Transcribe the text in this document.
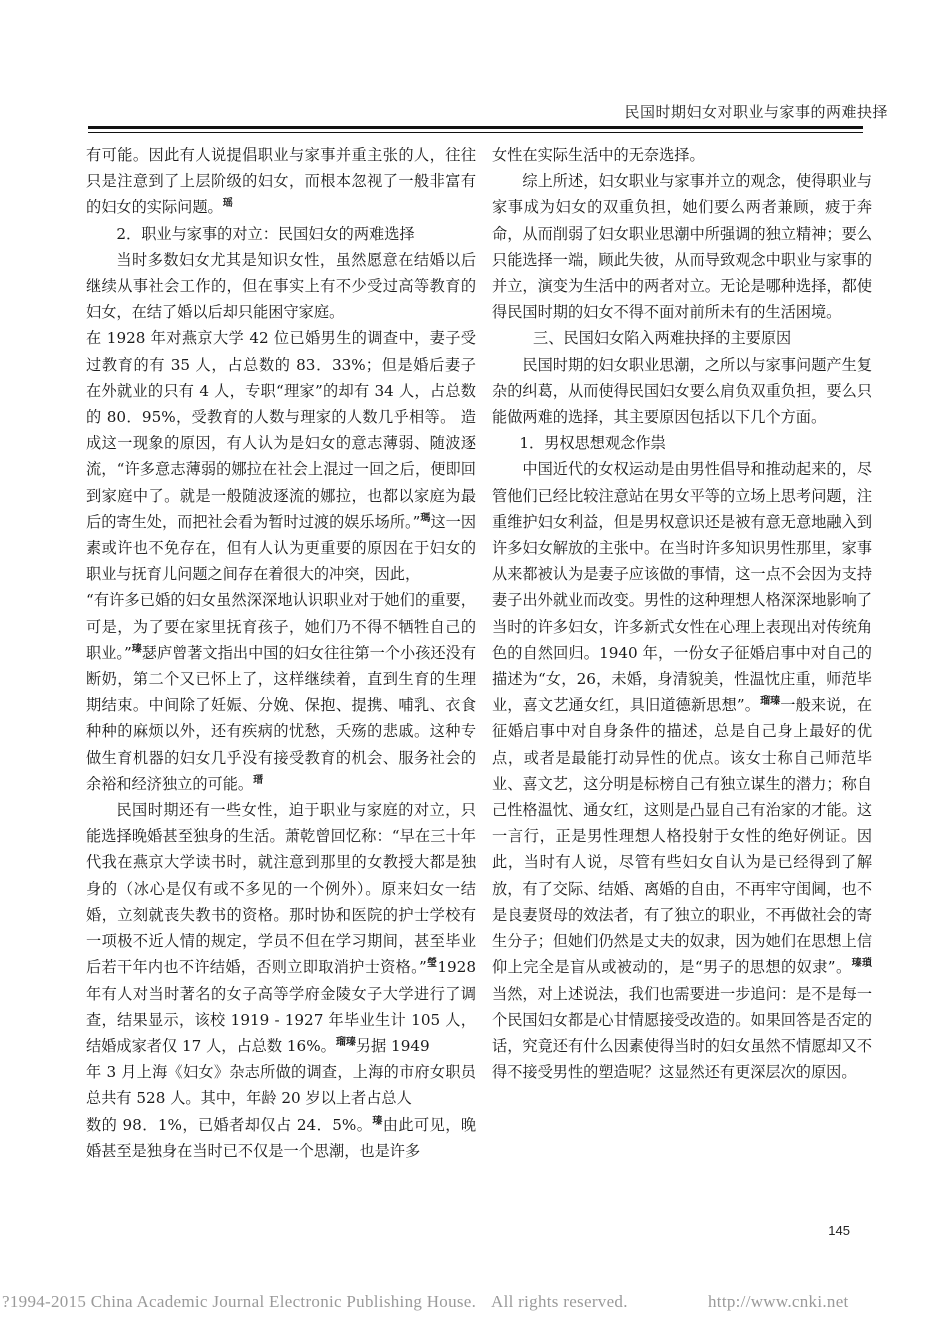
民国时期妇女对职业与家事的两难抉择

有可能。因此有人说提倡职业与家事并重主张的人，往往只是注意到了上层阶级的妇女，而根本忽视了一般非富有的妇女的实际问题。$^瑶$

2．职业与家事的对立：民国妇女的两难选择

当时多数妇女尤其是知识女性，虽然愿意在结婚以后继续从事社会工作的，但在事实上有不少受过高等教育的妇女，在结了婚以后却只能困守家庭。

在 1928 年对燕京大学 42 位已婚男生的调查中，妻子受过教育的有 35 人，占总数的 83．33%；但是婚后妻子在外就业的只有 4 人，专职“理家”的却有 34 人，占总数的 80．95%，受教育的人数与理家的人数几乎相等。 造成这一现象的原因，有人认为是妇女的意志薄弱、随波逐流，“许多意志薄弱的娜拉在社会上混过一回之后，便即回到家庭中了。就是一般随波逐流的娜拉，也都以家庭为最后的寄生处，而把社会看为暂时过渡的娱乐场所。”$^瑪$这一因素或许也不免存在，但有人认为更重要的原因在于妇女的职业与抚育儿问题之间存在着很大的冲突，因此，

“有许多已婚的妇女虽然深深地认识职业对于她们的重要，可是，为了要在家里抚育孩子，她们乃不得不牺牲自己的职业。”$^瑧$瑟庐曾著文指出中国的妇女往往第一个小孩还没有断奶，第二个又已怀上了，这样继续着，直到生育的生理期结束。中间除了妊娠、分娩、保抱、提携、哺乳、衣食种种的麻烦以外，还有疾病的忧愁，夭殇的悲戚。这种专做生育机器的妇女几乎没有接受教育的机会、服务社会的余裕和经济独立的可能。$^瑨$

民国时期还有一些女性，迫于职业与家庭的对立，只能选择晚婚甚至独身的生活。萧乾曾回忆称：“早在三十年代我在燕京大学读书时，就注意到那里的女教授大都是独身的（冰心是仅有或不多见的一个例外）。原来妇女一结婚，立刻就丧失教书的资格。那时协和医院的护士学校有一项极不近人情的规定，学员不但在学习期间，甚至毕业后若干年内也不许结婚，否则立即取消护士资格。”$^瑩$1928 年有人对当时著名的女子高等学府金陵女子大学进行了调查，结果显示，该校 1919 - 1927 年毕业生计 105 人，结婚成家者仅 17 人，占总数 16%。$^{瑠瑧}$另据 1949

年 3 月上海《妇女》杂志所做的调查，上海的市府女职员总共有 528 人。其中，年龄 20 岁以上者占总人

数的 98．1%，已婚者却仅占 24．5%。$^瑧$由此可见，晚婚甚至是独身在当时已不仅是一个思潮，也是许多

女性在实际生活中的无奈选择。

综上所述，妇女职业与家事并立的观念，使得职业与家事成为妇女的双重负担，她们要么两者兼顾，疲于奔命，从而削弱了妇女职业思潮中所强调的独立精神；要么只能选择一端，顾此失彼，从而导致观念中职业与家事的并立，演变为生活中的两者对立。无论是哪种选择，都使得民国时期的妇女不得不面对前所未有的生活困境。

三、民国妇女陷入两难抉择的主要原因

民国时期的妇女职业思潮，之所以与家事问题产生复杂的纠葛，从而使得民国妇女要么肩负双重负担，要么只能做两难的选择，其主要原因包括以下几个方面。

1．男权思想观念作祟

中国近代的女权运动是由男性倡导和推动起来的，尽管他们已经比较注意站在男女平等的立场上思考问题，注重维护妇女利益，但是男权意识还是被有意无意地融入到许多妇女解放的主张中。在当时许多知识男性那里，家事从来都被认为是妻子应该做的事情，这一点不会因为支持妻子出外就业而改变。男性的这种理想人格深深地影响了当时的许多妇女，许多新式女性在心理上表现出对传统角色的自然回归。1940 年，一份女子征婚启事中对自己的描述为“女，26，未婚，身清貌美，性温忱庄重，师范毕业，喜文艺通女红，具旧道德新思想”。$^{瑠瑧}$一般来说，在征婚启事中对自身条件的描述，总是自己身上最好的优点，或者是最能打动异性的优点。该女士称自己师范毕业、喜文艺，这分明是标榜自己有独立谋生的潜力；称自己性格温忱、通女红，这则是凸显自己有治家的才能。这一言行，正是男性理想人格投射于女性的绝好例证。因此，当时有人说，尽管有些妇女自认为是已经得到了解放，有了交际、结婚、离婚的自由，不再牢守闺阃，也不是良妻贤母的效法者，有了独立的职业，不再做社会的寄生分子；但她们仍然是丈夫的奴隶，因为她们在思想上信仰上完全是盲从或被动的，是“男子的思想的奴隶”。$^{瑧瑣}$当然，对上述说法，我们也需要进一步追问：是不是每一个民国妇女都是心甘情愿接受改造的。如果回答是否定的话，究竟还有什么因素使得当时的妇女虽然不情愿却又不得不接受男性的塑造呢？这显然还有更深层次的原因。

145
?1994-2015 China Academic Journal Electronic Publishing House. All rights reserved.	http://www.cnki.net
